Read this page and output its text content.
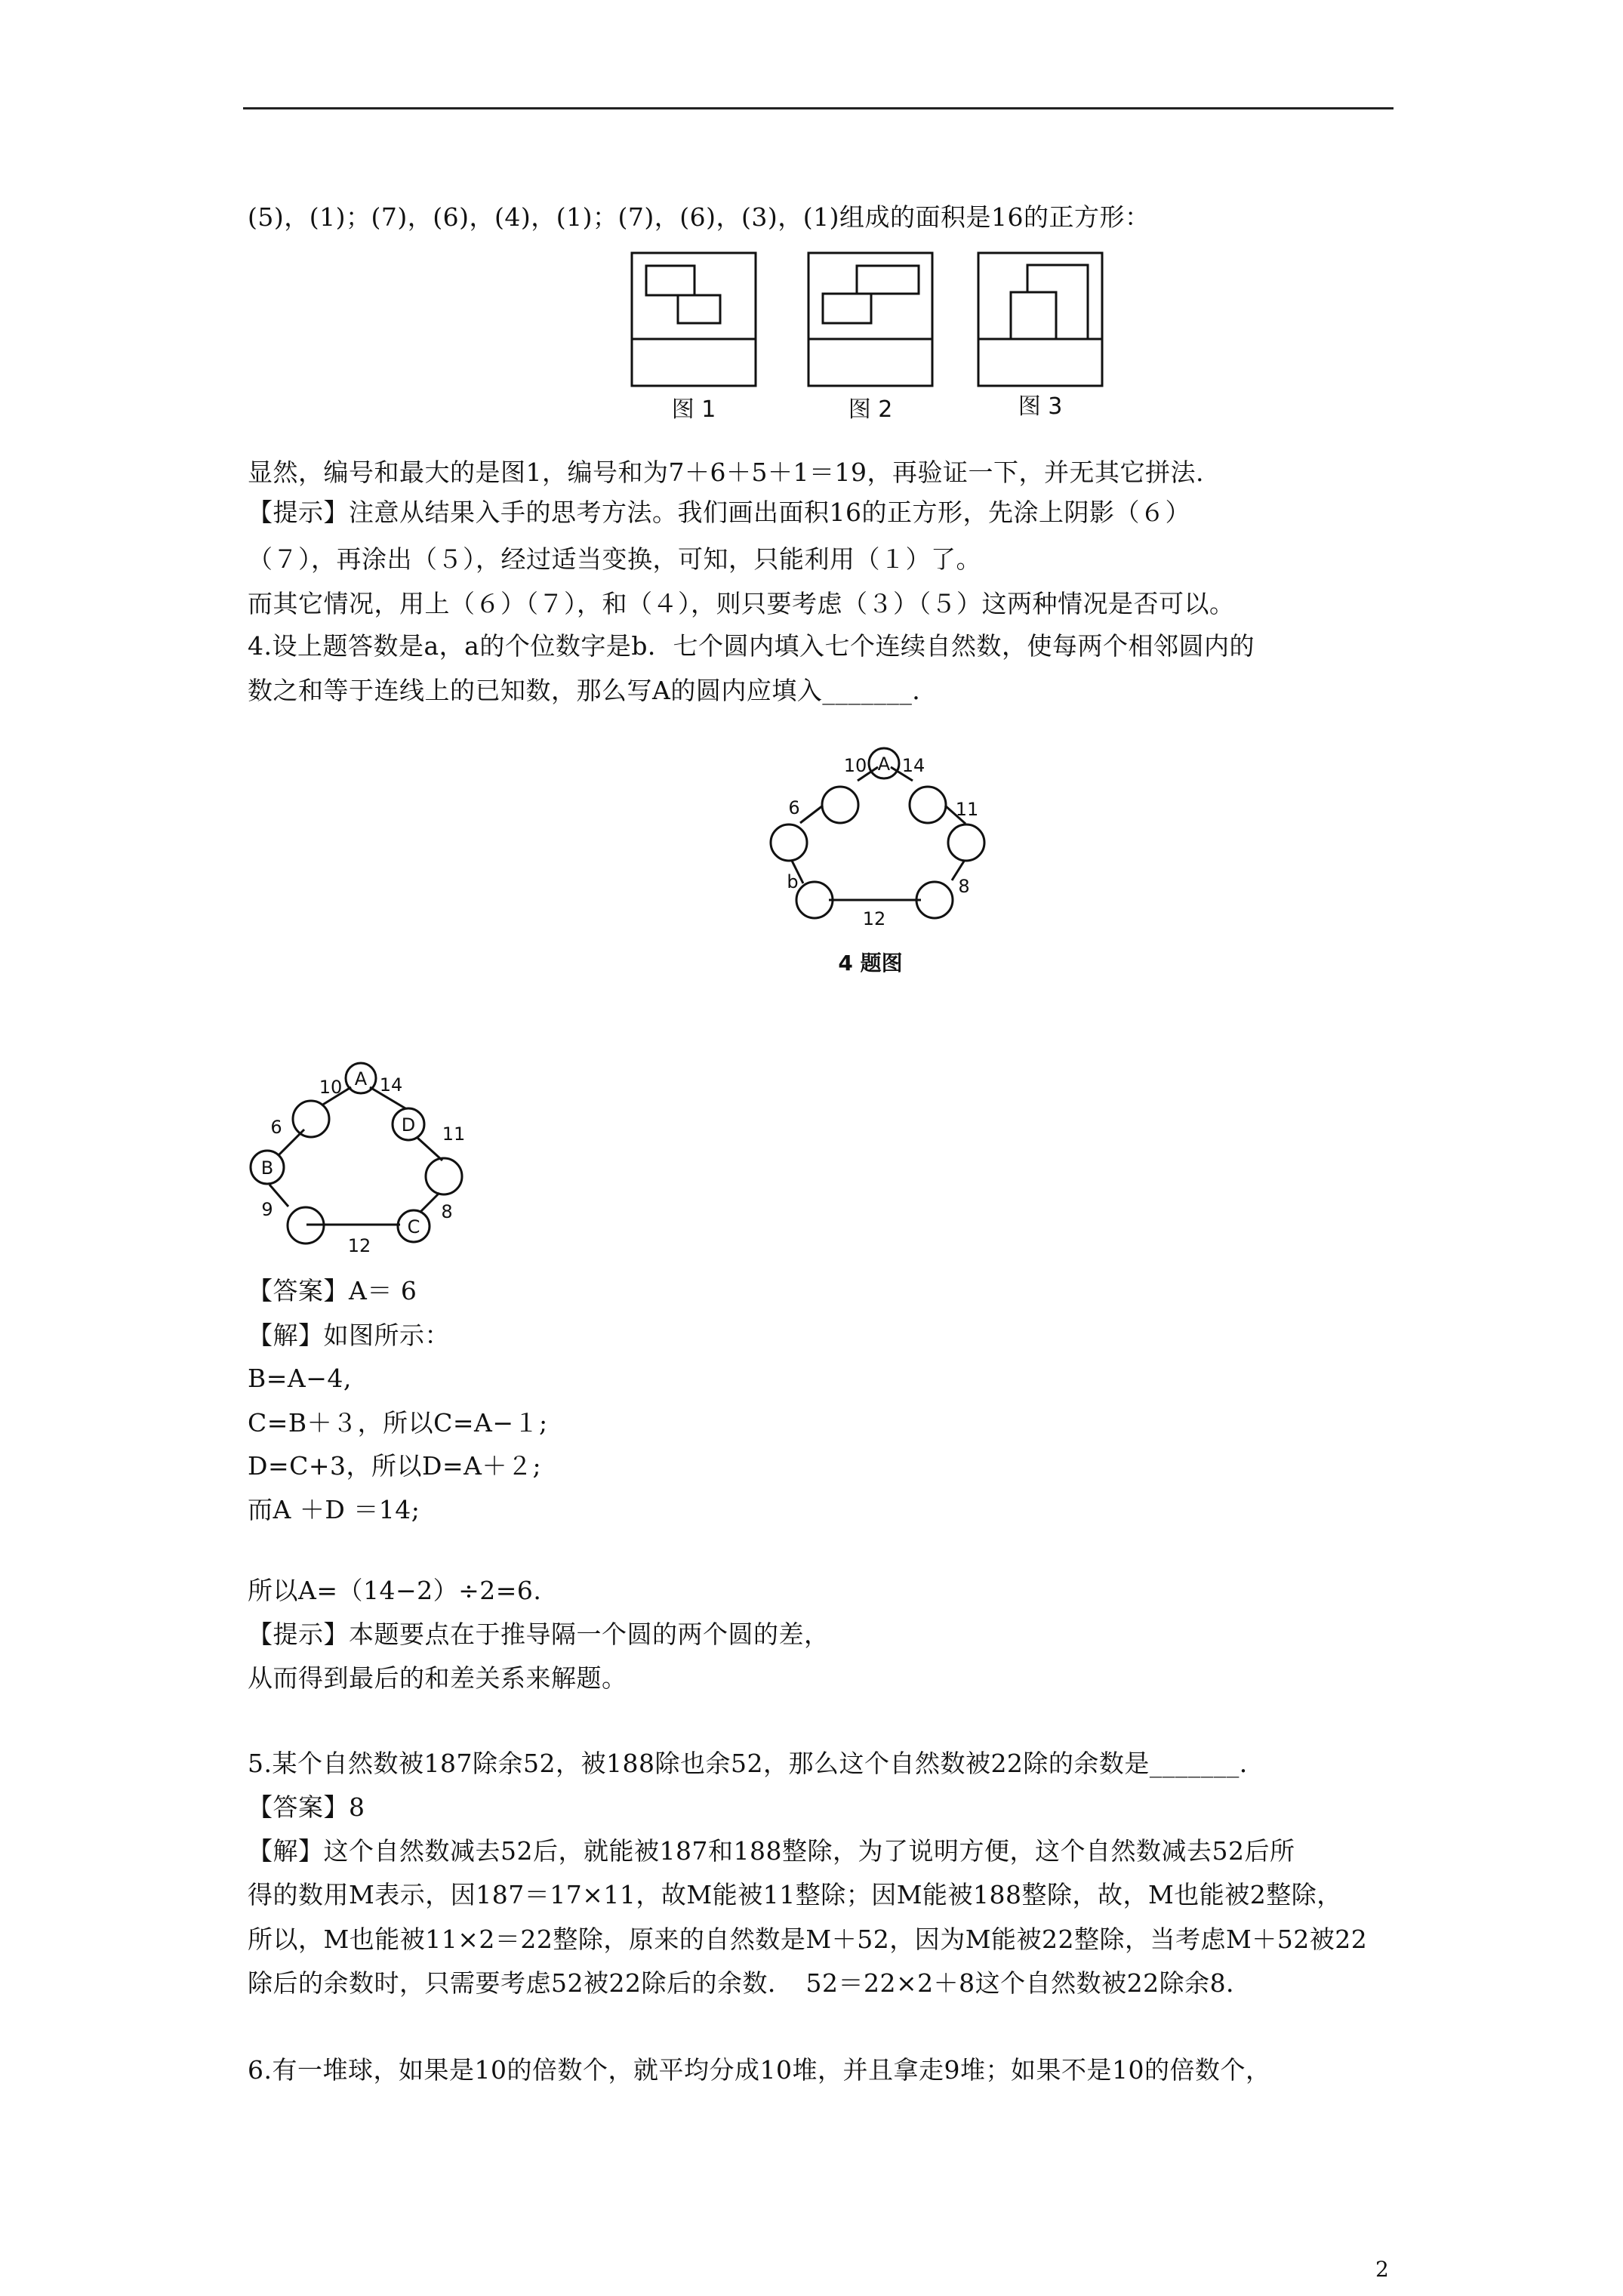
(5)，(1)；(7)，(6)，(4)，(1)；(7)，(6)，(3)，(1)组成的面积是16的正方形：
图 1	图 2	图 3
显然，编号和最大的是图1，编号和为7＋6＋5＋1＝19，再验证一下，并无其它拼法.
【提示】注意从结果入手的思考方法。我们画出面积16的正方形，先涂上阴影（６）
（７），再涂出（５），经过适当变换，可知，只能利用（１）了。
而其它情况，用上（６）（７），和（４），则只要考虑（３）（５）这两种情况是否可以。
4.设上题答数是a，a的个位数字是b．七个圆内填入七个连续自然数，使每两个相邻圆内的
数之和等于连线上的已知数，那么写A的圆内应填入_______．
A
10 14
6	11
b	8
12
4 题图
A
D
B
C
10 14
6	11
9	8
12
【答案】A＝ 6
【解】如图所示：
B=A−4,
C=B＋３，所以C=A−１;
D=C+3，所以D=A＋２;
而A ＋D ＝14;
所以A=（14−2）÷2=6.
【提示】本题要点在于推导隔一个圆的两个圆的差，
从而得到最后的和差关系来解题。
5.某个自然数被187除余52，被188除也余52，那么这个自然数被22除的余数是_______．
【答案】8
【解】这个自然数减去52后，就能被187和188整除，为了说明方便，这个自然数减去52后所
得的数用M表示，因187＝17×11，故M能被11整除；因M能被188整除，故，M也能被2整除，
所以，M也能被11×2＝22整除，原来的自然数是M＋52，因为M能被22整除，当考虑M＋52被22
除后的余数时，只需要考虑52被22除后的余数．　52＝22×2＋8这个自然数被22除余8．
6.有一堆球，如果是10的倍数个，就平均分成10堆，并且拿走9堆；如果不是10的倍数个，
2
